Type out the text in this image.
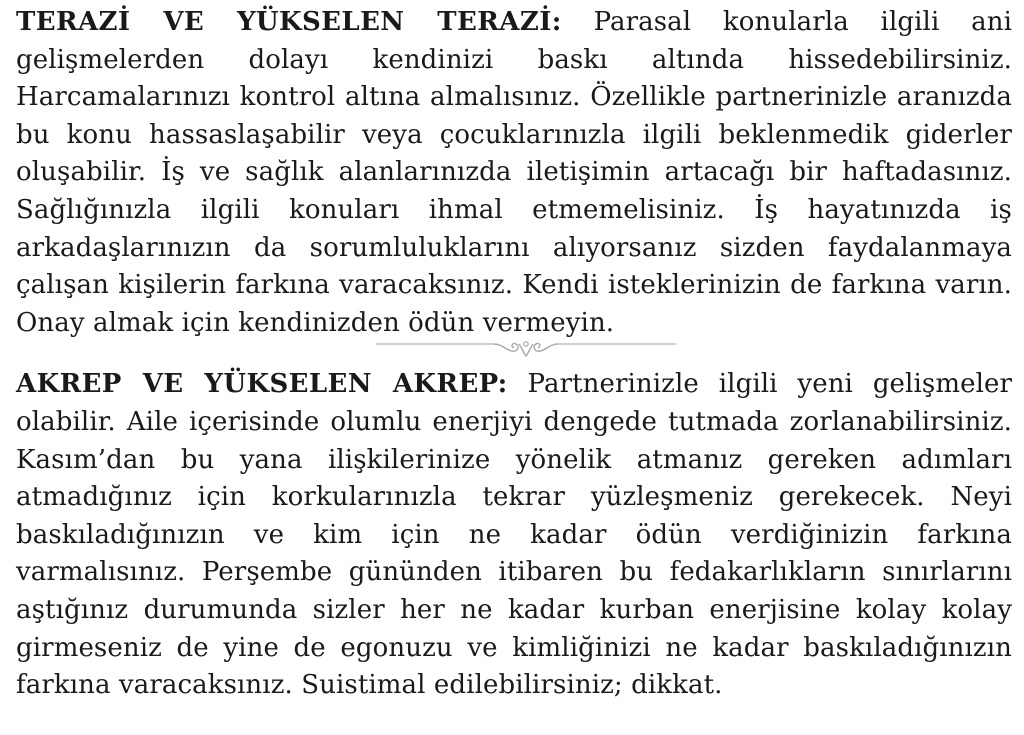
TERAZİ VE YÜKSELEN TERAZİ: Parasal konularla ilgili ani gelişmelerden dolayı kendinizi baskı altında hissedebilirsiniz. Harcamalarınızı kontrol altına almalısınız. Özellikle partnerinizle aranızda bu konu hassaslaşabilir veya çocuklarınızla ilgili beklenmedik giderler oluşabilir. İş ve sağlık alanlarınızda iletişimin artacağı bir haftadasınız. Sağlığınızla ilgili konuları ihmal etmemelisiniz. İş hayatınızda iş arkadaşlarınızın da sorumluluklarını alıyorsanız sizden faydalanmaya çalışan kişilerin farkına varacaksınız. Kendi isteklerinizin de farkına varın. Onay almak için kendinizden ödün vermeyin.

AKREP VE YÜKSELEN AKREP: Partnerinizle ilgili yeni gelişmeler olabilir. Aile içerisinde olumlu enerjiyi dengede tutmada zorlanabilirsiniz. Kasım’dan bu yana ilişkilerinize yönelik atmanız gereken adımları atmadığınız için korkularınızla tekrar yüzleşmeniz gerekecek. Neyi baskıladığınızın ve kim için ne kadar ödün verdiğinizin farkına varmalısınız. Perşembe gününden itibaren bu fedakarlıkların sınırlarını aştığınız durumunda sizler her ne kadar kurban enerjisine kolay kolay girmeseniz de yine de egonuzu ve kimliğinizi ne kadar baskıladığınızın farkına varacaksınız. Suistimal edilebilirsiniz; dikkat.
